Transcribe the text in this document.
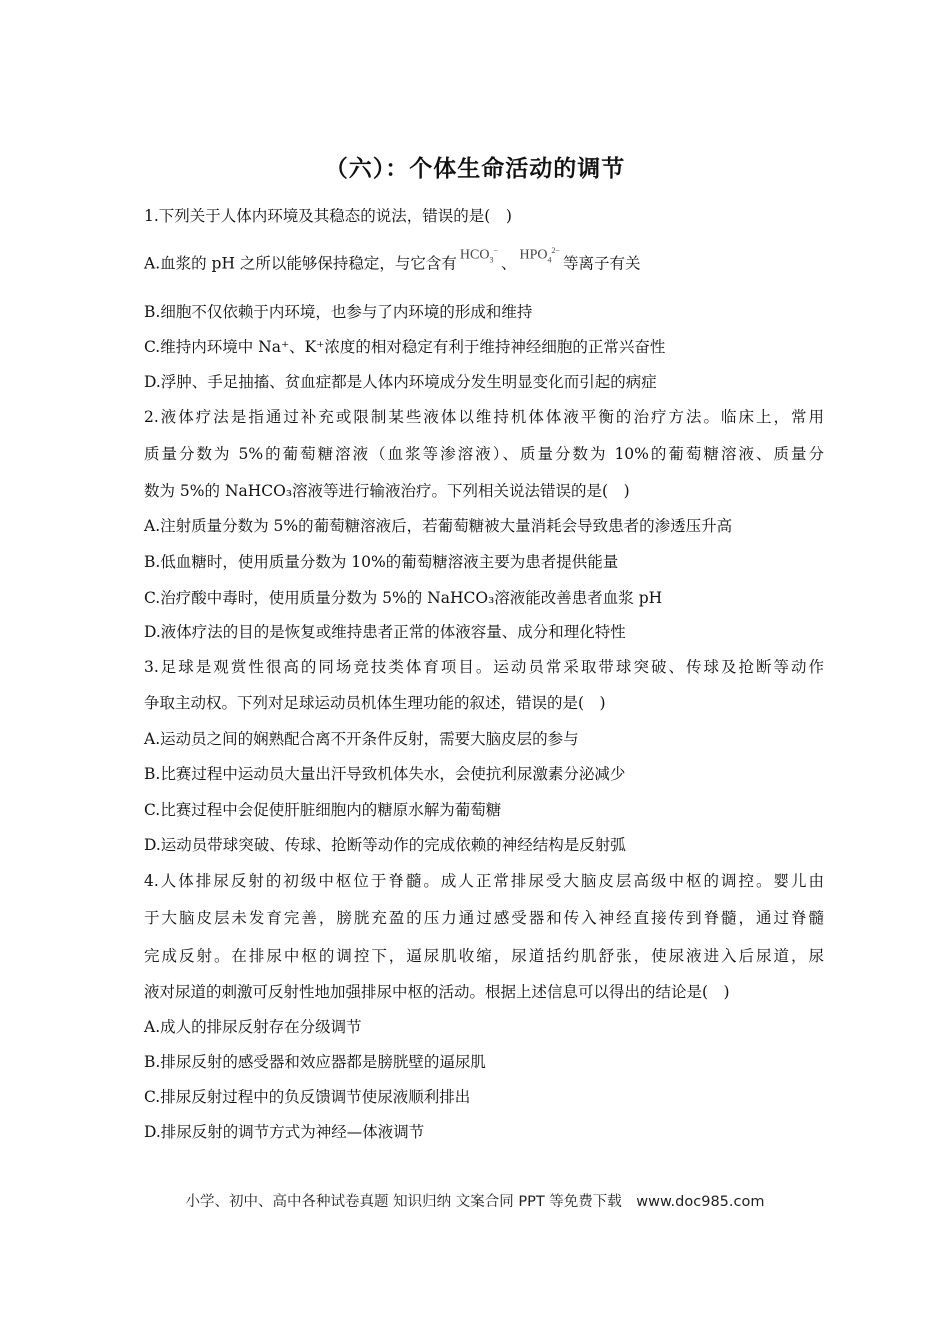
（六）：个体生命活动的调节
1.下列关于人体内环境及其稳态的说法，错误的是(　)
A.血浆的 pH 之所以能够保持稳定，与它含有 $HCO_3^-$、 $HPO_4^{2-}$等离子有关
B.细胞不仅依赖于内环境，也参与了内环境的形成和维持
C.维持内环境中 Na⁺、K⁺浓度的相对稳定有利于维持神经细胞的正常兴奋性
D.浮肿、手足抽搐、贫血症都是人体内环境成分发生明显变化而引起的病症
2.液体疗法是指通过补充或限制某些液体以维持机体体液平衡的治疗方法。临床上，常用
质量分数为 5%的葡萄糖溶液（血浆等渗溶液）、质量分数为 10%的葡萄糖溶液、质量分
数为 5%的 NaHCO₃溶液等进行输液治疗。下列相关说法错误的是(　)
A.注射质量分数为 5%的葡萄糖溶液后，若葡萄糖被大量消耗会导致患者的渗透压升高
B.低血糖时，使用质量分数为 10%的葡萄糖溶液主要为患者提供能量
C.治疗酸中毒时，使用质量分数为 5%的 NaHCO₃溶液能改善患者血浆 pH
D.液体疗法的目的是恢复或维持患者正常的体液容量、成分和理化特性
3.足球是观赏性很高的同场竞技类体育项目。运动员常采取带球突破、传球及抢断等动作
争取主动权。下列对足球运动员机体生理功能的叙述，错误的是(　)
A.运动员之间的娴熟配合离不开条件反射，需要大脑皮层的参与
B.比赛过程中运动员大量出汗导致机体失水，会使抗利尿激素分泌减少
C.比赛过程中会促使肝脏细胞内的糖原水解为葡萄糖
D.运动员带球突破、传球、抢断等动作的完成依赖的神经结构是反射弧
4.人体排尿反射的初级中枢位于脊髓。成人正常排尿受大脑皮层高级中枢的调控。婴儿由
于大脑皮层未发育完善，膀胱充盈的压力通过感受器和传入神经直接传到脊髓，通过脊髓
完成反射。在排尿中枢的调控下，逼尿肌收缩，尿道括约肌舒张，使尿液进入后尿道，尿
液对尿道的刺激可反射性地加强排尿中枢的活动。根据上述信息可以得出的结论是(　)
A.成人的排尿反射存在分级调节
B.排尿反射的感受器和效应器都是膀胱壁的逼尿肌
C.排尿反射过程中的负反馈调节使尿液顺利排出
D.排尿反射的调节方式为神经—体液调节
小学、初中、高中各种试卷真题 知识归纳 文案合同 PPT 等免费下载　www.doc985.com
